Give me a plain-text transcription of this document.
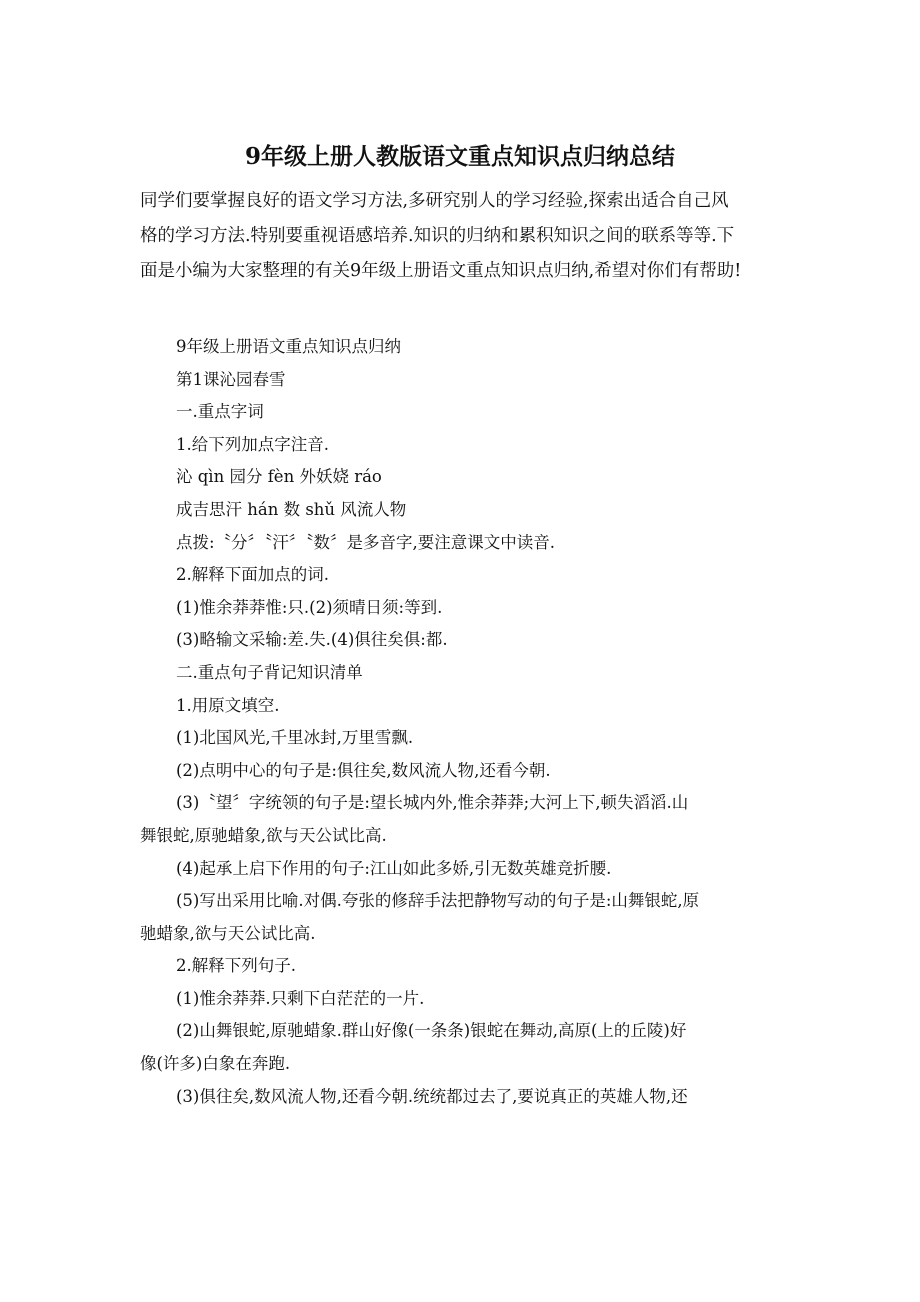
9年级上册人教版语文重点知识点归纳总结
同学们要掌握良好的语文学习方法,多研究别人的学习经验,探索出适合自己风
格的学习方法.特别要重视语感培养.知识的归纳和累积知识之间的联系等等.下
面是小编为大家整理的有关9年级上册语文重点知识点归纳,希望对你们有帮助!
9年级上册语文重点知识点归纳
第1课沁园春雪
一.重点字词
1.给下列加点字注音.
沁 qìn 园分 fèn 外妖娆 ráo
成吉思汗 hán 数 shǔ 风流人物
点拨:〝分〞〝汗〞〝数〞是多音字,要注意课文中读音.
2.解释下面加点的词.
(1)惟余莽莽惟:只.(2)须晴日须:等到.
(3)略输文采输:差.失.(4)俱往矣俱:都.
二.重点句子背记知识清单
1.用原文填空.
(1)北国风光,千里冰封,万里雪飘.
(2)点明中心的句子是:俱往矣,数风流人物,还看今朝.
(3)〝望〞字统领的句子是:望长城内外,惟余莽莽;大河上下,顿失滔滔.山
舞银蛇,原驰蜡象,欲与天公试比高.
(4)起承上启下作用的句子:江山如此多娇,引无数英雄竞折腰.
(5)写出采用比喻.对偶.夸张的修辞手法把静物写动的句子是:山舞银蛇,原
驰蜡象,欲与天公试比高.
2.解释下列句子.
(1)惟余莽莽.只剩下白茫茫的一片.
(2)山舞银蛇,原驰蜡象.群山好像(一条条)银蛇在舞动,高原(上的丘陵)好
像(许多)白象在奔跑.
(3)俱往矣,数风流人物,还看今朝.统统都过去了,要说真正的英雄人物,还
